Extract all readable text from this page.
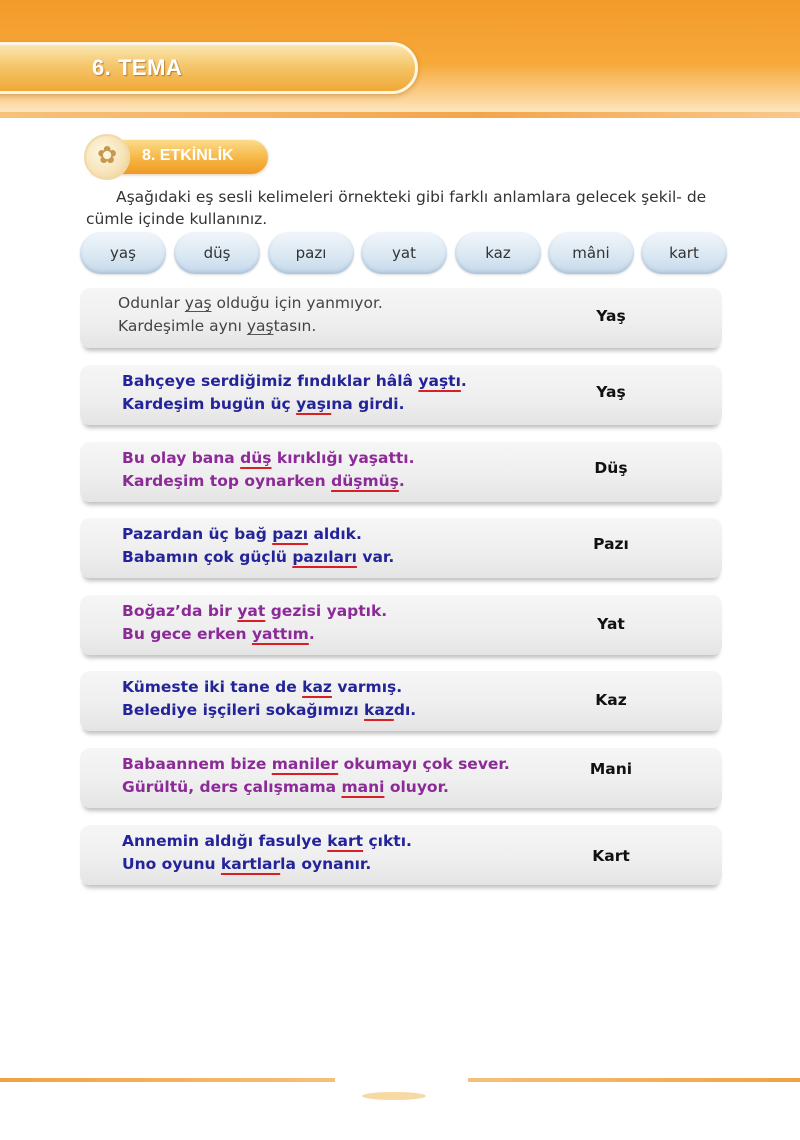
6. TEMA
✿ 8. ETKİNLİK
Aşağıdaki eş sesli kelimeleri örnekteki gibi farklı anlamlara gelecek şekil- de cümle içinde kullanınız.
yaş	düş	pazı	yat	kaz	mâni	kart
Odunlar yaş olduğu için yanmıyor.
Kardeşimle aynı yaştasın.
Yaş
Bahçeye serdiğimiz fındıklar hâlâ yaştı.
Kardeşim bugün üç yaşına girdi.
Yaş
Bu olay bana düş kırıklığı yaşattı.
Kardeşim top oynarken düşmüş.
Düş
Pazardan üç bağ pazı aldık.
Babamın çok güçlü pazıları var.
Pazı
Boğaz’da bir yat gezisi yaptık.
Bu gece erken yattım.
Yat
Kümeste iki tane de kaz varmış.
Belediye işçileri sokağımızı kazdı.
Kaz
Babaannem bize maniler okumayı çok sever.
Gürültü, ders çalışmama mani oluyor.
Mani
Annemin aldığı fasulye kart çıktı.
Uno oyunu kartlarla oynanır.	Kart
